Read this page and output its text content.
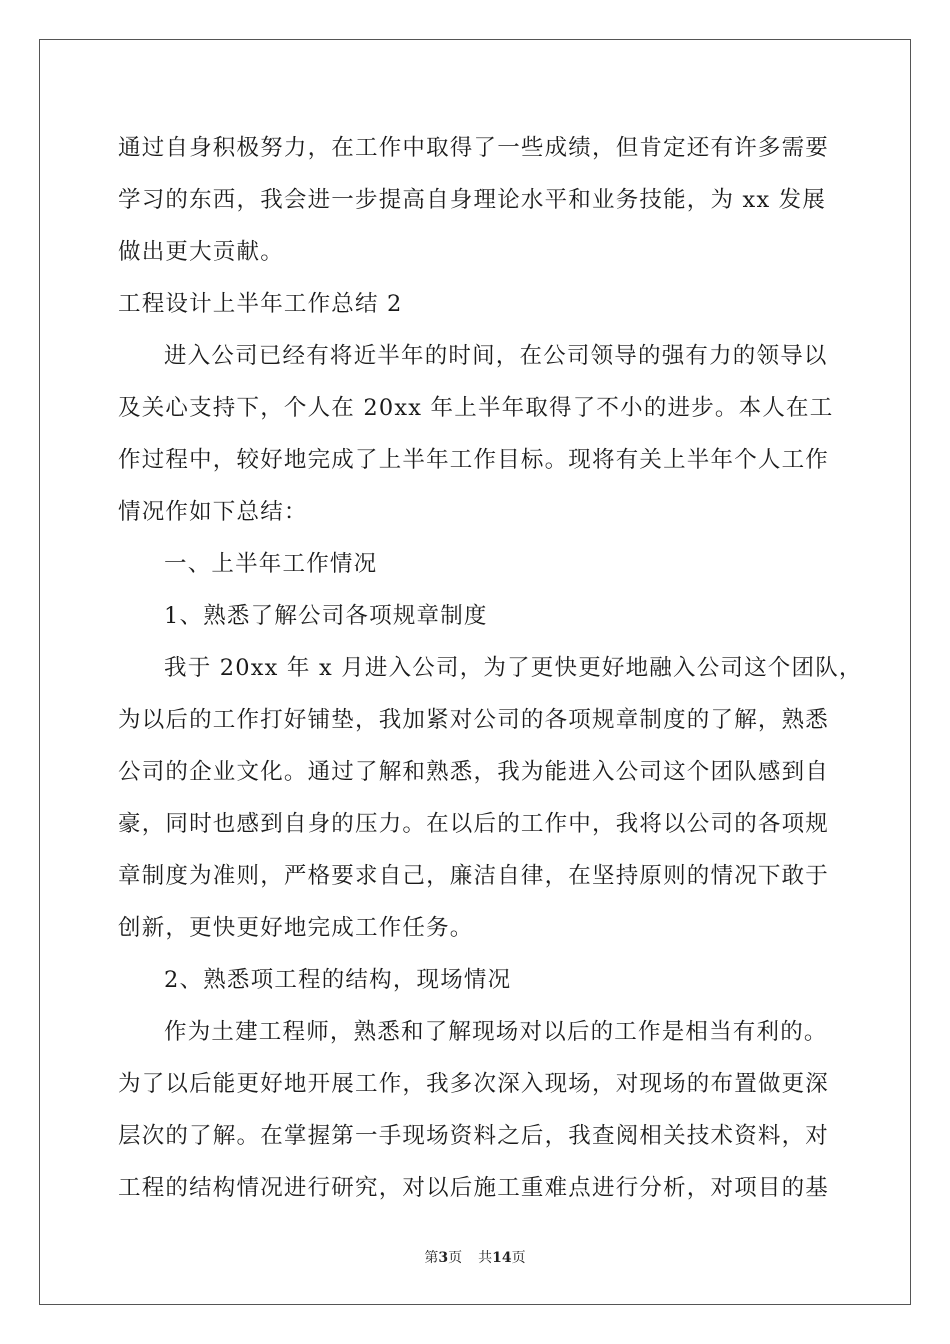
通过自身积极努力，在工作中取得了一些成绩，但肯定还有许多需要
学习的东西，我会进一步提高自身理论水平和业务技能，为 xx 发展
做出更大贡献。
工程设计上半年工作总结 2
进入公司已经有将近半年的时间，在公司领导的强有力的领导以
及关心支持下，个人在 20xx 年上半年取得了不小的进步。本人在工
作过程中，较好地完成了上半年工作目标。现将有关上半年个人工作
情况作如下总结：
一、上半年工作情况
1、熟悉了解公司各项规章制度
我于 20xx 年 x 月进入公司，为了更快更好地融入公司这个团队，
为以后的工作打好铺垫，我加紧对公司的各项规章制度的了解，熟悉
公司的企业文化。通过了解和熟悉，我为能进入公司这个团队感到自
豪，同时也感到自身的压力。在以后的工作中，我将以公司的各项规
章制度为准则，严格要求自己，廉洁自律，在坚持原则的情况下敢于
创新，更快更好地完成工作任务。
2、熟悉项工程的结构，现场情况
作为土建工程师，熟悉和了解现场对以后的工作是相当有利的。
为了以后能更好地开展工作，我多次深入现场，对现场的布置做更深
层次的了解。在掌握第一手现场资料之后，我查阅相关技术资料，对
工程的结构情况进行研究，对以后施工重难点进行分析，对项目的基
第3页 共14页
